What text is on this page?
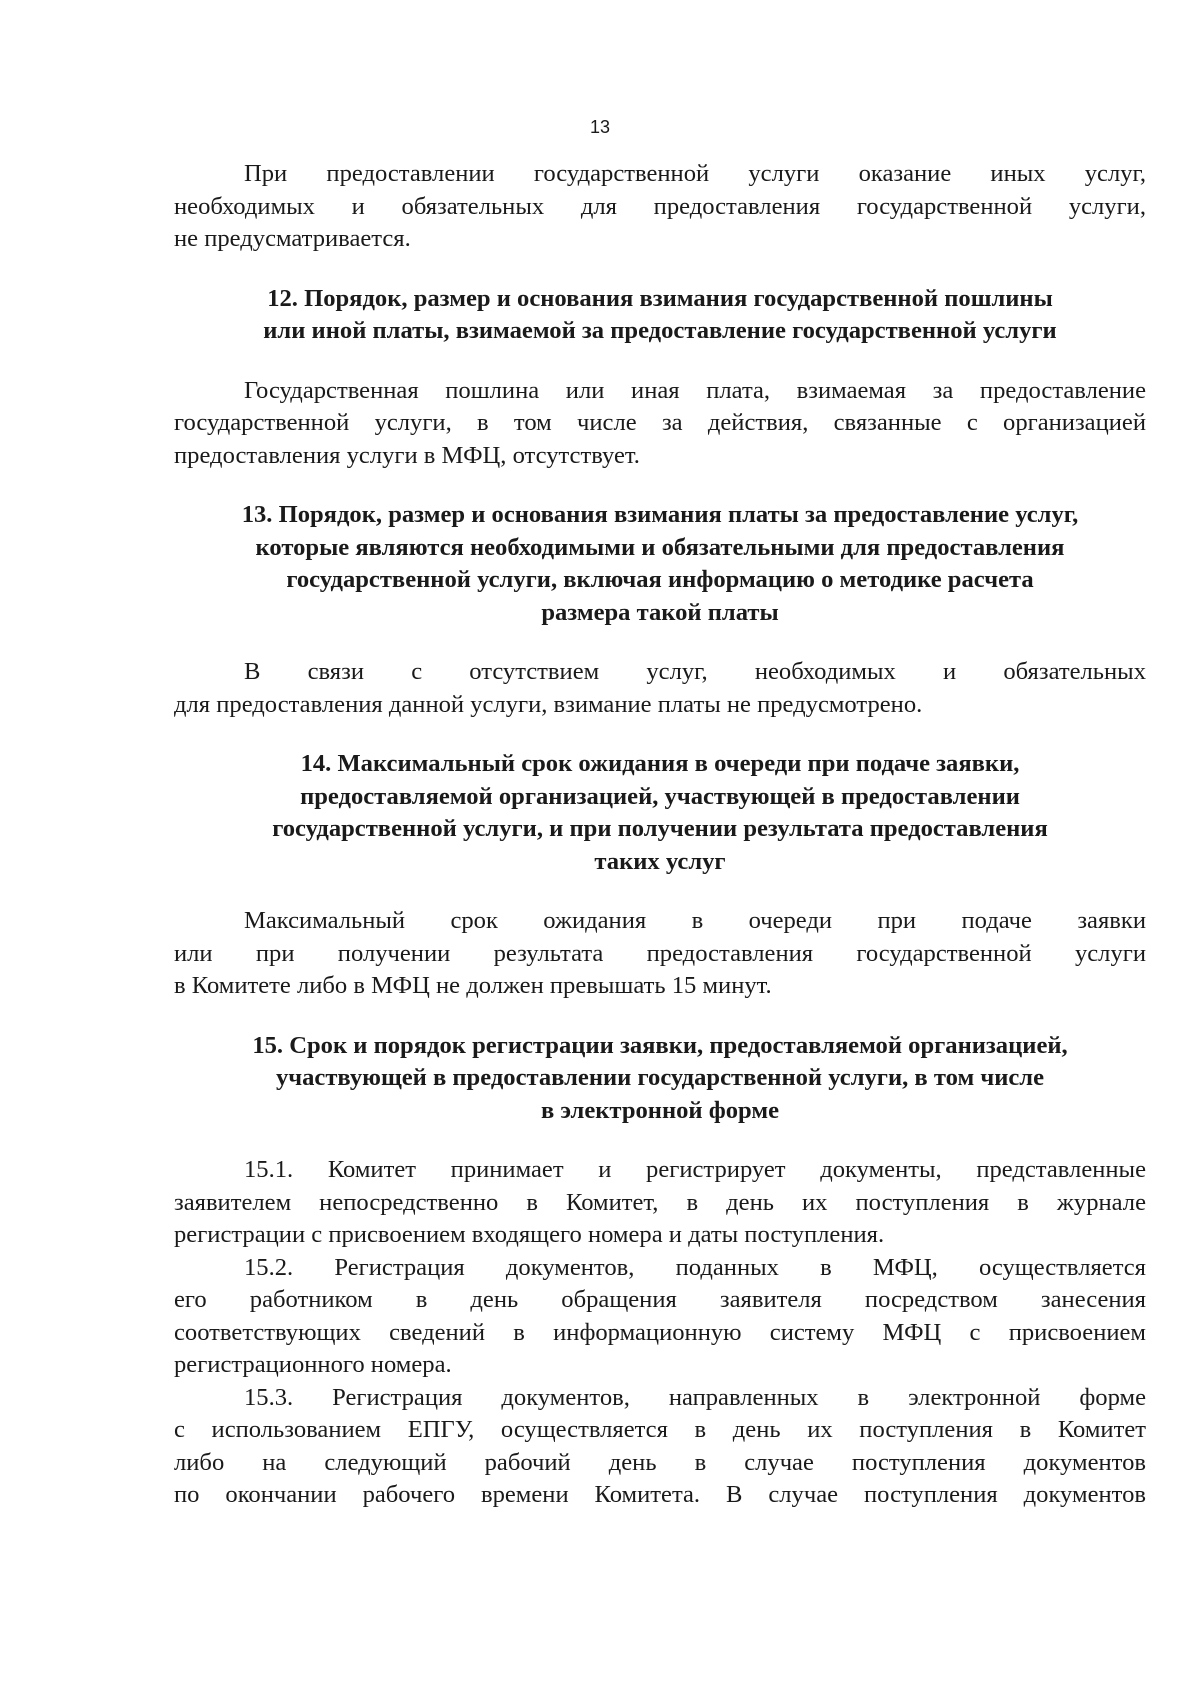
13
При предоставлении государственной услуги оказание иных услуг,
необходимых и обязательных для предоставления государственной услуги,
не предусматривается.
12. Порядок, размер и основания взимания государственной пошлины
или иной платы, взимаемой за предоставление государственной услуги
Государственная пошлина или иная плата, взимаемая за предоставление
государственной услуги, в том числе за действия, связанные с организацией
предоставления услуги в МФЦ, отсутствует.
13. Порядок, размер и основания взимания платы за предоставление услуг,
которые являются необходимыми и обязательными для предоставления
государственной услуги, включая информацию о методике расчета
размера такой платы
В связи с отсутствием услуг, необходимых и обязательных
для предоставления данной услуги, взимание платы не предусмотрено.
14. Максимальный срок ожидания в очереди при подаче заявки,
предоставляемой организацией, участвующей в предоставлении
государственной услуги, и при получении результата предоставления
таких услуг
Максимальный срок ожидания в очереди при подаче заявки
или при получении результата предоставления государственной услуги
в Комитете либо в МФЦ не должен превышать 15 минут.
15. Срок и порядок регистрации заявки, предоставляемой организацией,
участвующей в предоставлении государственной услуги, в том числе
в электронной форме
15.1. Комитет принимает и регистрирует документы, представленные
заявителем непосредственно в Комитет, в день их поступления в журнале
регистрации с присвоением входящего номера и даты поступления.
15.2. Регистрация документов, поданных в МФЦ, осуществляется
его работником в день обращения заявителя посредством занесения
соответствующих сведений в информационную систему МФЦ с присвоением
регистрационного номера.
15.3. Регистрация документов, направленных в электронной форме
с использованием ЕПГУ, осуществляется в день их поступления в Комитет
либо на следующий рабочий день в случае поступления документов
по окончании рабочего времени Комитета. В случае поступления документов
